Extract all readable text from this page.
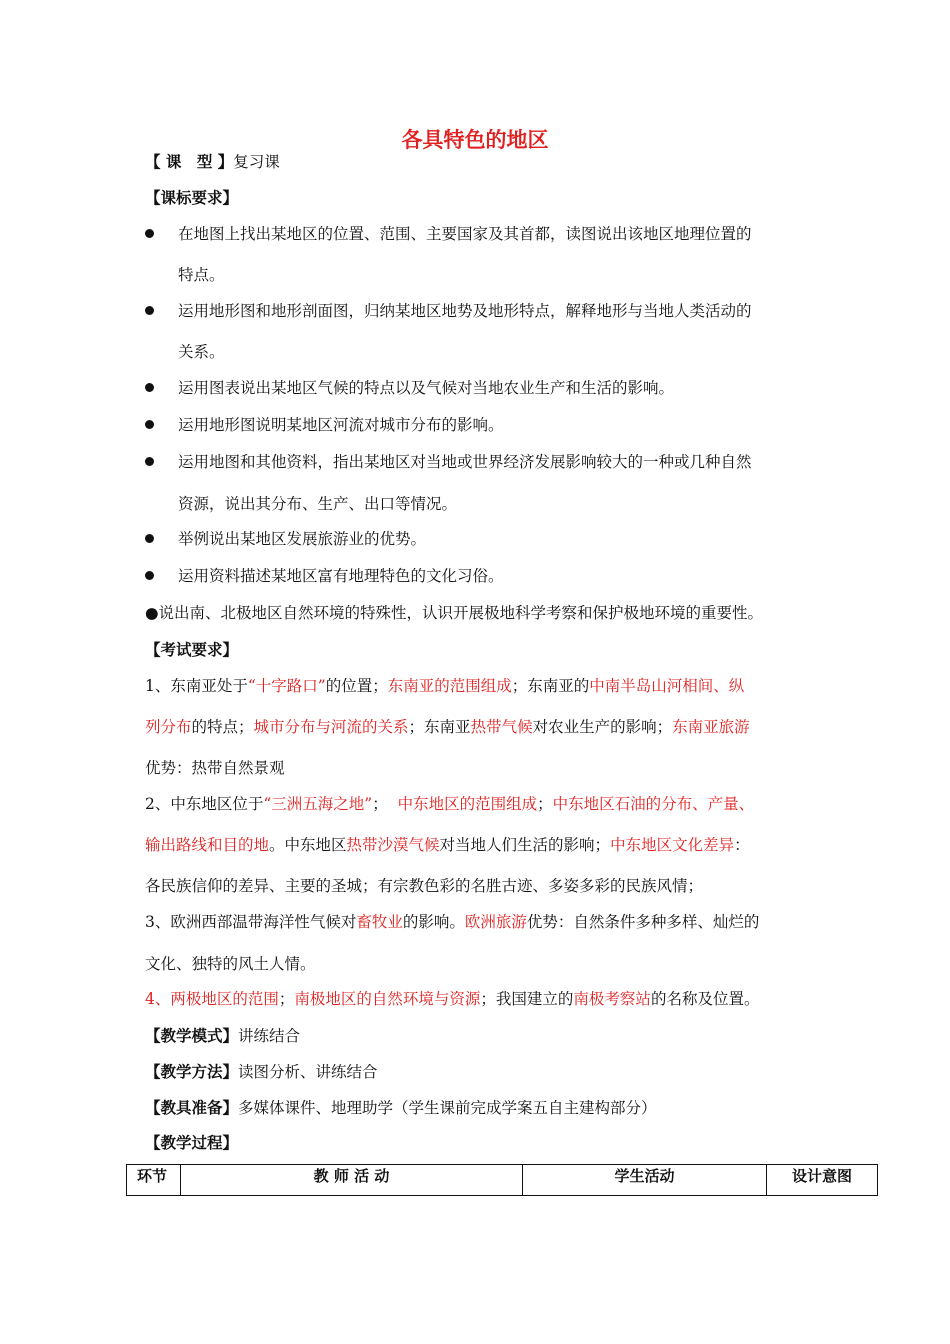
各具特色的地区
【 课　型 】复习课
【课标要求】
在地图上找出某地区的位置、范围、主要国家及其首都，读图说出该地区地理位置的
特点。
运用地形图和地形剖面图，归纳某地区地势及地形特点，解释地形与当地人类活动的
关系。
运用图表说出某地区气候的特点以及气候对当地农业生产和生活的影响。
运用地形图说明某地区河流对城市分布的影响。
运用地图和其他资料，指出某地区对当地或世界经济发展影响较大的一种或几种自然
资源，说出其分布、生产、出口等情况。
举例说出某地区发展旅游业的优势。
运用资料描述某地区富有地理特色的文化习俗。
●说出南、北极地区自然环境的特殊性，认识开展极地科学考察和保护极地环境的重要性。
【考试要求】
1、东南亚处于“十字路口”的位置；东南亚的范围组成；东南亚的中南半岛山河相间、纵
列分布的特点；城市分布与河流的关系；东南亚热带气候对农业生产的影响；东南亚旅游
优势：热带自然景观
2、中东地区位于“三洲五海之地”；  中东地区的范围组成；中东地区石油的分布、产量、
输出路线和目的地。中东地区热带沙漠气候对当地人们生活的影响；中东地区文化差异：
各民族信仰的差异、主要的圣城；有宗教色彩的名胜古迹、多姿多彩的民族风情；
3、欧洲西部温带海洋性气候对畜牧业的影响。欧洲旅游优势：自然条件多种多样、灿烂的
文化、独特的风土人情。
4、两极地区的范围；南极地区的自然环境与资源；我国建立的南极考察站的名称及位置。
【教学模式】讲练结合
【教学方法】读图分析、讲练结合
【教具准备】多媒体课件、地理助学（学生课前完成学案五自主建构部分）
【教学过程】
环节	教 师 活 动	学生活动	设计意图
